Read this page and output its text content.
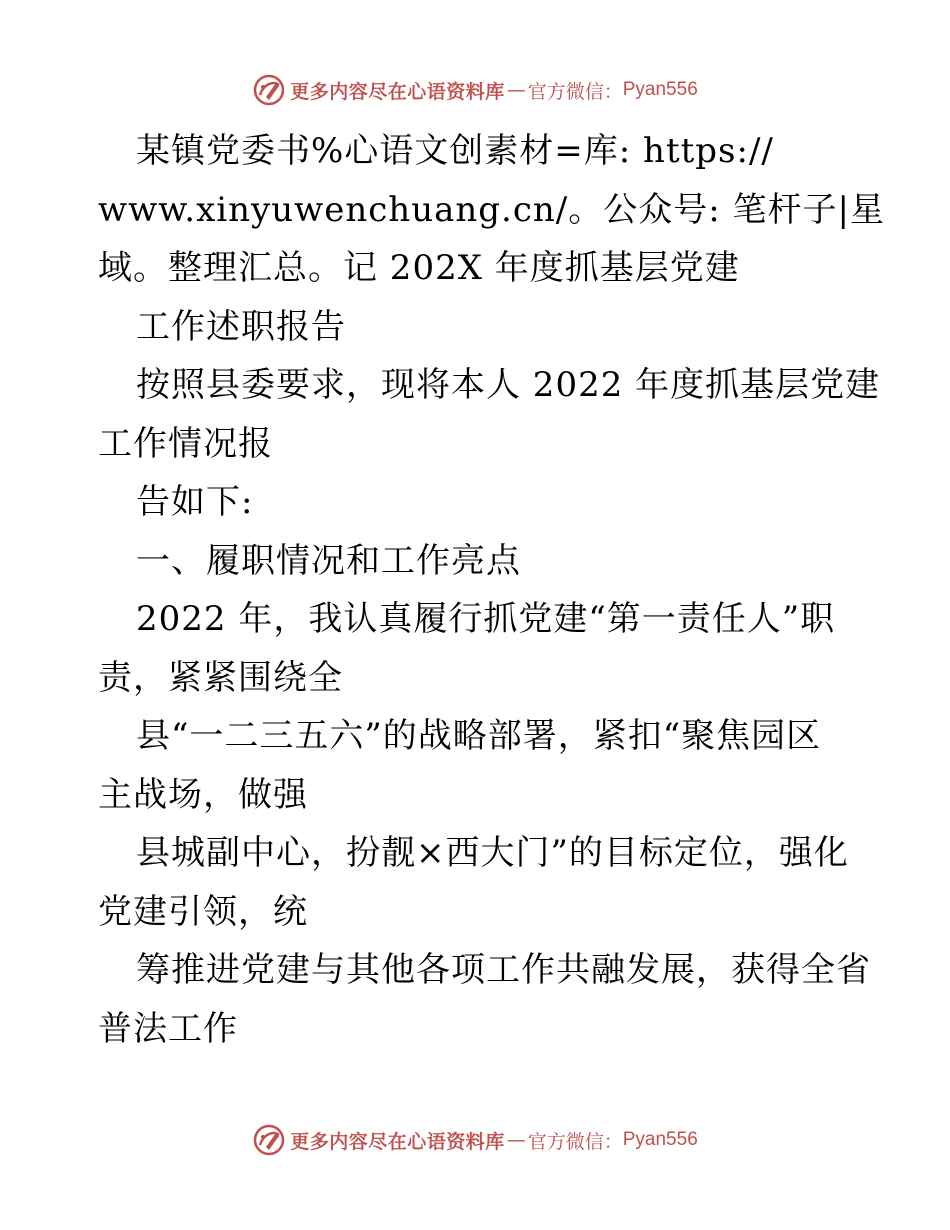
更多内容尽在心语资料库 — 官方微信： Pyan556
某镇党委书%心语文创素材=库: https://
www.xinyuwenchuang.cn/。公众号: 笔杆子|星
域。整理汇总。记 202X 年度抓基层党建
工作述职报告
按照县委要求，现将本人 2022 年度抓基层党建
工作情况报
告如下:
一、履职情况和工作亮点
2022 年，我认真履行抓党建“第一责任人”职
责，紧紧围绕全
县“一二三五六”的战略部署，紧扣“聚焦园区
主战场，做强
县城副中心，扮靓×西大门”的目标定位，强化
党建引领，统
筹推进党建与其他各项工作共融发展，获得全省
普法工作
更多内容尽在心语资料库 — 官方微信： Pyan556
